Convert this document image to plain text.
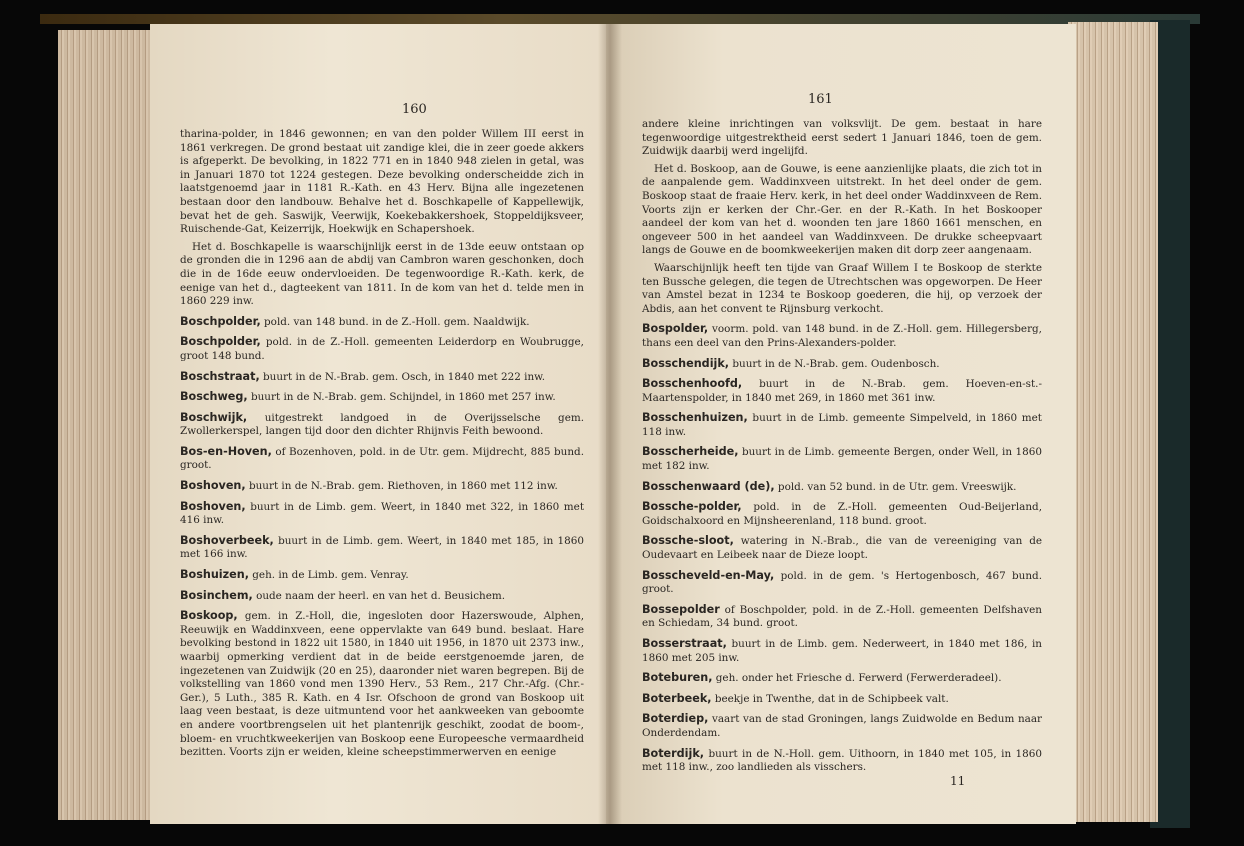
160

tharina-polder, in 1846 gewonnen; en van den polder Willem III eerst in 1861 verkregen. De grond bestaat uit zandige klei, die in zeer goede akkers is afgeperkt. De bevolking, in 1822 771 en in 1840 948 zielen in getal, was in Januari 1870 tot 1224 gestegen. Deze bevolking onderscheidde zich in laatstgenoemd jaar in 1181 R.-Kath. en 43 Herv. Bijna alle ingezetenen bestaan door den landbouw. Behalve het d. Boschkapelle of Kappellewijk, bevat het de geh. Saswijk, Veerwijk, Koekebakkershoek, Stoppeldijksveer, Ruischende-Gat, Keizerrijk, Hoekwijk en Schapershoek.

Het d. Boschkapelle is waarschijnlijk eerst in de 13de eeuw ontstaan op de gronden die in 1296 aan de abdij van Cambron waren geschonken, doch die in de 16de eeuw ondervloeiden. De tegenwoordige R.-Kath. kerk, de eenige van het d., dagteekent van 1811. In de kom van het d. telde men in 1860 229 inw.

Boschpolder, pold. van 148 bund. in de Z.-Holl. gem. Naaldwijk.

Boschpolder, pold. in de Z.-Holl. gemeenten Leiderdorp en Woubrugge, groot 148 bund.

Boschstraat, buurt in de N.-Brab. gem. Osch, in 1840 met 222 inw.

Boschweg, buurt in de N.-Brab. gem. Schijndel, in 1860 met 257 inw.

Boschwijk, uitgestrekt landgoed in de Overijsselsche gem. Zwollerkerspel, langen tijd door den dichter Rhijnvis Feith bewoond.

Bos-en-Hoven, of Bozenhoven, pold. in de Utr. gem. Mijdrecht, 885 bund. groot.

Boshoven, buurt in de N.-Brab. gem. Riethoven, in 1860 met 112 inw.

Boshoven, buurt in de Limb. gem. Weert, in 1840 met 322, in 1860 met 416 inw.

Boshoverbeek, buurt in de Limb. gem. Weert, in 1840 met 185, in 1860 met 166 inw.

Boshuizen, geh. in de Limb. gem. Venray.

Bosinchem, oude naam der heerl. en van het d. Beusichem.

Boskoop, gem. in Z.-Holl, die, ingesloten door Hazerswoude, Alphen, Reeuwijk en Waddinxveen, eene oppervlakte van 649 bund. beslaat. Hare bevolking bestond in 1822 uit 1580, in 1840 uit 1956, in 1870 uit 2373 inw., waarbij opmerking verdient dat in de beide eerstgenoemde jaren, de ingezetenen van Zuidwijk (20 en 25), daaronder niet waren begrepen. Bij de volkstelling van 1860 vond men 1390 Herv., 53 Rem., 217 Chr.-Afg. (Chr.-Ger.), 5 Luth., 385 R. Kath. en 4 Isr. Ofschoon de grond van Boskoop uit laag veen bestaat, is deze uitmuntend voor het aankweeken van geboomte en andere voortbrengselen uit het plantenrijk geschikt, zoodat de boom-, bloem- en vruchtkweekerijen van Boskoop eene Europeesche vermaardheid bezitten. Voorts zijn er weiden, kleine scheepstimmerwerven en eenige

161

andere kleine inrichtingen van volksvlijt. De gem. bestaat in hare tegenwoordige uitgestrektheid eerst sedert 1 Januari 1846, toen de gem. Zuidwijk daarbij werd ingelijfd.

Het d. Boskoop, aan de Gouwe, is eene aanzienlijke plaats, die zich tot in de aanpalende gem. Waddinxveen uitstrekt. In het deel onder de gem. Boskoop staat de fraaie Herv. kerk, in het deel onder Waddinxveen de Rem. Voorts zijn er kerken der Chr.-Ger. en der R.-Kath. In het Boskooper aandeel der kom van het d. woonden ten jare 1860 1661 menschen, en ongeveer 500 in het aandeel van Waddinxveen. De drukke scheepvaart langs de Gouwe en de boomkweekerijen maken dit dorp zeer aangenaam.

Waarschijnlijk heeft ten tijde van Graaf Willem I te Boskoop de sterkte ten Bussche gelegen, die tegen de Utrechtschen was opgeworpen. De Heer van Amstel bezat in 1234 te Boskoop goederen, die hij, op verzoek der Abdis, aan het convent te Rijnsburg verkocht.

Bospolder, voorm. pold. van 148 bund. in de Z.-Holl. gem. Hillegersberg, thans een deel van den Prins-Alexanders-polder.

Bosschendijk, buurt in de N.-Brab. gem. Oudenbosch.

Bosschenhoofd, buurt in de N.-Brab. gem. Hoeven-en-st.-Maartenspolder, in 1840 met 269, in 1860 met 361 inw.

Bosschenhuizen, buurt in de Limb. gemeente Simpelveld, in 1860 met 118 inw.

Bosscherheide, buurt in de Limb. gemeente Bergen, onder Well, in 1860 met 182 inw.

Bosschenwaard (de), pold. van 52 bund. in de Utr. gem. Vreeswijk.

Bossche-polder, pold. in de Z.-Holl. gemeenten Oud-Beijerland, Goidschalxoord en Mijnsheerenland, 118 bund. groot.

Bossche-sloot, watering in N.-Brab., die van de vereeniging van de Oudevaart en Leibeek naar de Dieze loopt.

Bosscheveld-en-May, pold. in de gem. 's Hertogenbosch, 467 bund. groot.

Bossepolder of Boschpolder, pold. in de Z.-Holl. gemeenten Delfshaven en Schiedam, 34 bund. groot.

Bosserstraat, buurt in de Limb. gem. Nederweert, in 1840 met 186, in 1860 met 205 inw.

Boteburen, geh. onder het Friesche d. Ferwerd (Ferwerderadeel).

Boterbeek, beekje in Twenthe, dat in de Schipbeek valt.

Boterdiep, vaart van de stad Groningen, langs Zuidwolde en Bedum naar Onderdendam.

Boterdijk, buurt in de N.-Holl. gem. Uithoorn, in 1840 met 105, in 1860 met 118 inw., zoo landlieden als visschers.

11
